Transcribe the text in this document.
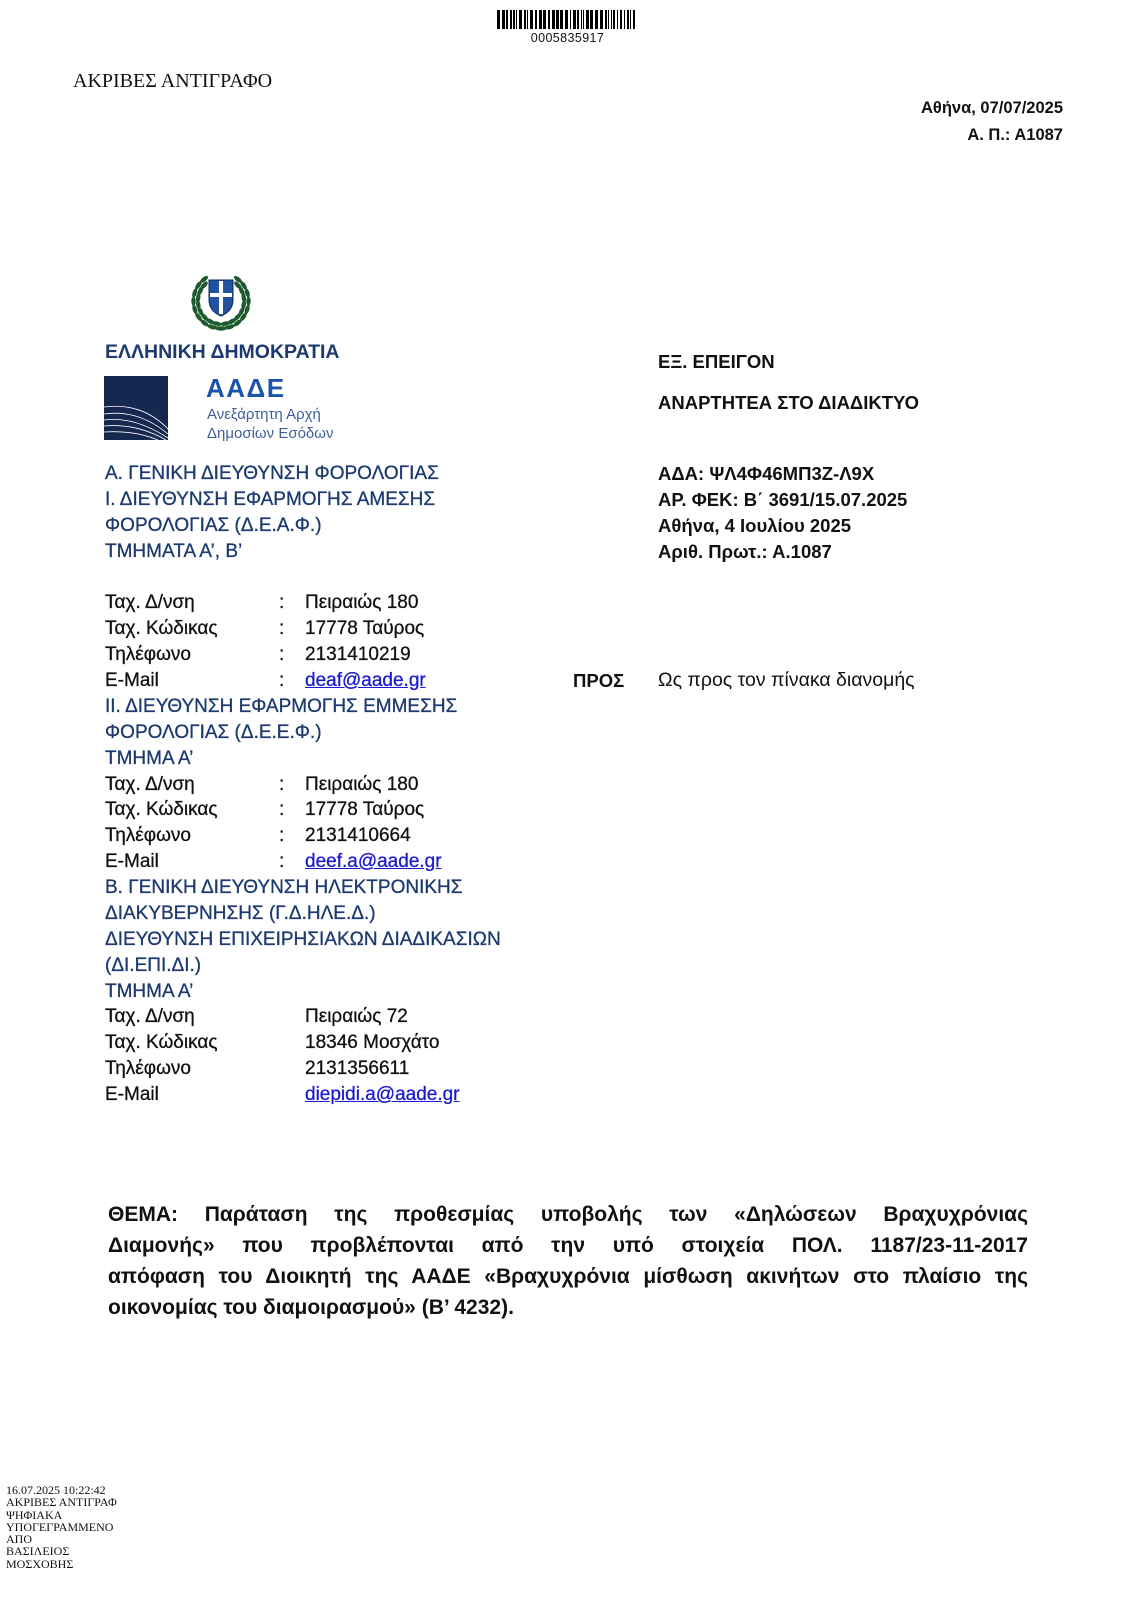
0005835917
ΑΚΡΙΒΕΣ ΑΝΤΙΓΡΑΦΟ
Αθήνα, 07/07/2025
Α. Π.: Α1087
ΕΛΛΗΝΙΚΗ ΔΗΜΟΚΡΑΤΙΑ
ΑΑΔΕ
Ανεξάρτητη Αρχή
Δημοσίων Εσόδων
Α. ΓΕΝΙΚΗ ΔΙΕΥΘΥΝΣΗ ΦΟΡΟΛΟΓΙΑΣ
Ι. ΔΙΕΥΘΥΝΣΗ ΕΦΑΡΜΟΓΗΣ ΑΜΕΣΗΣ
ΦΟΡΟΛΟΓΙΑΣ (Δ.Ε.Α.Φ.)
ΤΜΗΜΑΤΑ Α’, Β’
Ταχ. Δ/νση	:	Πειραιώς 180
Ταχ. Κώδικας	:	17778 Ταύρος
Τηλέφωνο	:	2131410219
E-Mail	:	deaf@aade.gr
ΙΙ. ΔΙΕΥΘΥΝΣΗ ΕΦΑΡΜΟΓΗΣ ΕΜΜΕΣΗΣ
ΦΟΡΟΛΟΓΙΑΣ (Δ.Ε.Ε.Φ.)
ΤΜΗΜΑ Α’
Ταχ. Δ/νση	:	Πειραιώς 180
Ταχ. Κώδικας	:	17778 Ταύρος
Τηλέφωνο	:	2131410664
E-Mail	:	deef.a@aade.gr
Β. ΓΕΝΙΚΗ ΔΙΕΥΘΥΝΣΗ ΗΛΕΚΤΡΟΝΙΚΗΣ
ΔΙΑΚΥΒΕΡΝΗΣΗΣ (Γ.Δ.ΗΛΕ.Δ.)
ΔΙΕΥΘΥΝΣΗ ΕΠΙΧΕΙΡΗΣΙΑΚΩΝ ΔΙΑΔΙΚΑΣΙΩΝ
(ΔΙ.ΕΠΙ.ΔΙ.)
ΤΜΗΜΑ Α’
Ταχ. Δ/νση	Πειραιώς 72
Ταχ. Κώδικας	18346 Μοσχάτο
Τηλέφωνο	2131356611
E-Mail	diepidi.a@aade.gr
ΕΞ. ΕΠΕΙΓΟΝ
ΑΝΑΡΤΗΤΕΑ ΣΤΟ ΔΙΑΔΙΚΤΥΟ
ΑΔΑ: ΨΛ4Φ46ΜΠ3Ζ-Λ9Χ
ΑΡ. ΦΕΚ: Β΄ 3691/15.07.2025
Αθήνα, 4 Ιουλίου 2025
Αριθ. Πρωτ.: Α.1087
ΠΡΟΣ	Ως προς τον πίνακα διανομής
ΘΕΜΑ: Παράταση της προθεσμίας υποβολής των «Δηλώσεων Βραχυχρόνιας
Διαμονής» που προβλέπονται από την υπό στοιχεία ΠΟΛ. 1187/23-11-2017
απόφαση του Διοικητή της ΑΑΔΕ «Βραχυχρόνια μίσθωση ακινήτων στο πλαίσιο της
οικονομίας του διαμοιρασμού» (Β’ 4232).
16.07.2025 10:22:42
ΑΚΡΙΒΕΣ ΑΝΤΙΓΡΑΦ
ΨΗΦΙΑΚΑ
ΥΠΟΓΕΓΡΑΜΜΕΝΟ
ΑΠΟ
ΒΑΣΙΛΕΙΟΣ
ΜΟΣΧΟΒΗΣ
